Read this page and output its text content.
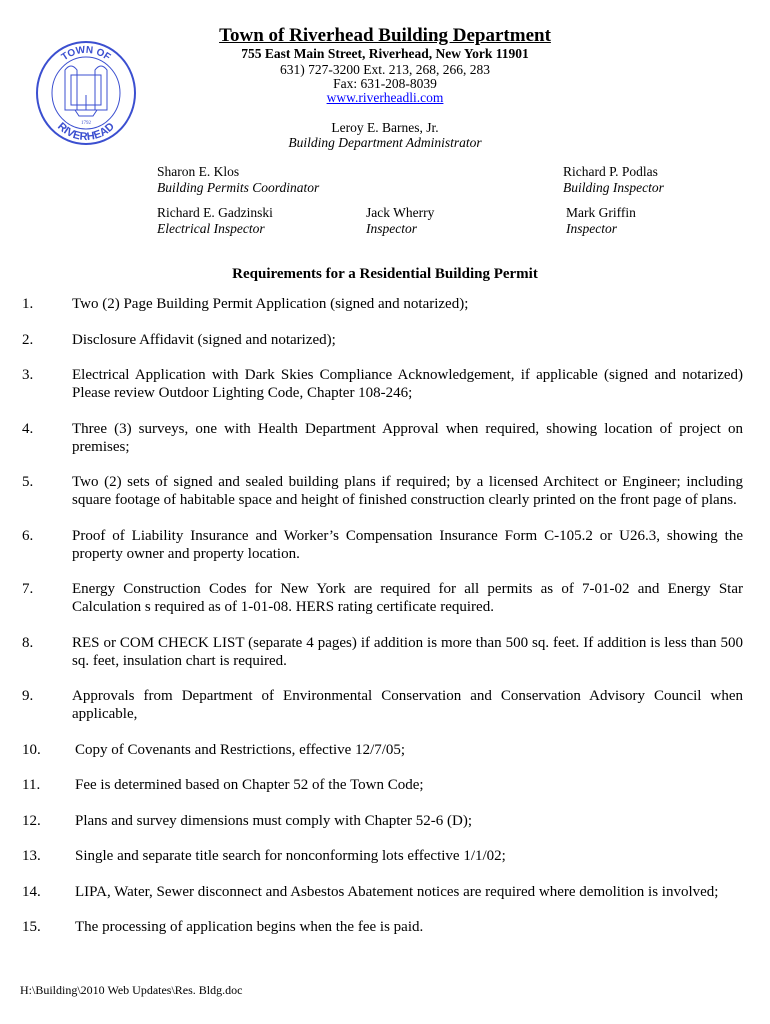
TOWN OF
RIVERHEAD
1792
Town of Riverhead Building Department
755 East Main Street, Riverhead, New York 11901
631) 727-3200 Ext. 213, 268, 266, 283
Fax: 631-208-8039
www.riverheadli.com
Leroy E. Barnes, Jr.
Building Department Administrator
Sharon E. Klos
Building Permits Coordinator
Richard P. Podlas
Building Inspector
Richard E. Gadzinski
Electrical Inspector
Jack Wherry
Inspector
Mark Griffin
Inspector
Requirements for a Residential Building Permit
1.	Two (2) Page Building Permit Application (signed and notarized);
2.	Disclosure Affidavit (signed and notarized);
3.	Electrical Application with Dark Skies Compliance Acknowledgement, if applicable (signed and notarized) Please review Outdoor Lighting Code, Chapter 108-246;
4.	Three (3) surveys, one with Health Department Approval when required, showing location of project on premises;
5.	Two (2) sets of signed and sealed building plans if required; by a licensed Architect or Engineer; including square footage of habitable space and height of finished construction clearly printed on the front page of plans.
6.	Proof of Liability Insurance and Worker’s Compensation Insurance Form C-105.2 or U26.3, showing the property owner and property location.
7.	Energy Construction Codes for New York are required for all permits as of 7-01-02 and Energy Star Calculation s required as of 1-01-08. HERS rating certificate required.
8.	RES or COM CHECK LIST (separate 4 pages) if addition is more than 500 sq. feet. If addition is less than 500 sq. feet, insulation chart is required.
9.	Approvals from Department of Environmental Conservation and Conservation Advisory Council when applicable,
10.	Copy of Covenants and Restrictions, effective 12/7/05;
11.	Fee is determined based on Chapter 52 of the Town Code;
12.	Plans and survey dimensions must comply with Chapter 52-6 (D);
13.	Single and separate title search for nonconforming lots effective 1/1/02;
14.	LIPA, Water, Sewer disconnect and Asbestos Abatement notices are required where demolition is involved;
15.	The processing of application begins when the fee is paid.
H:\Building\2010 Web Updates\Res. Bldg.doc
